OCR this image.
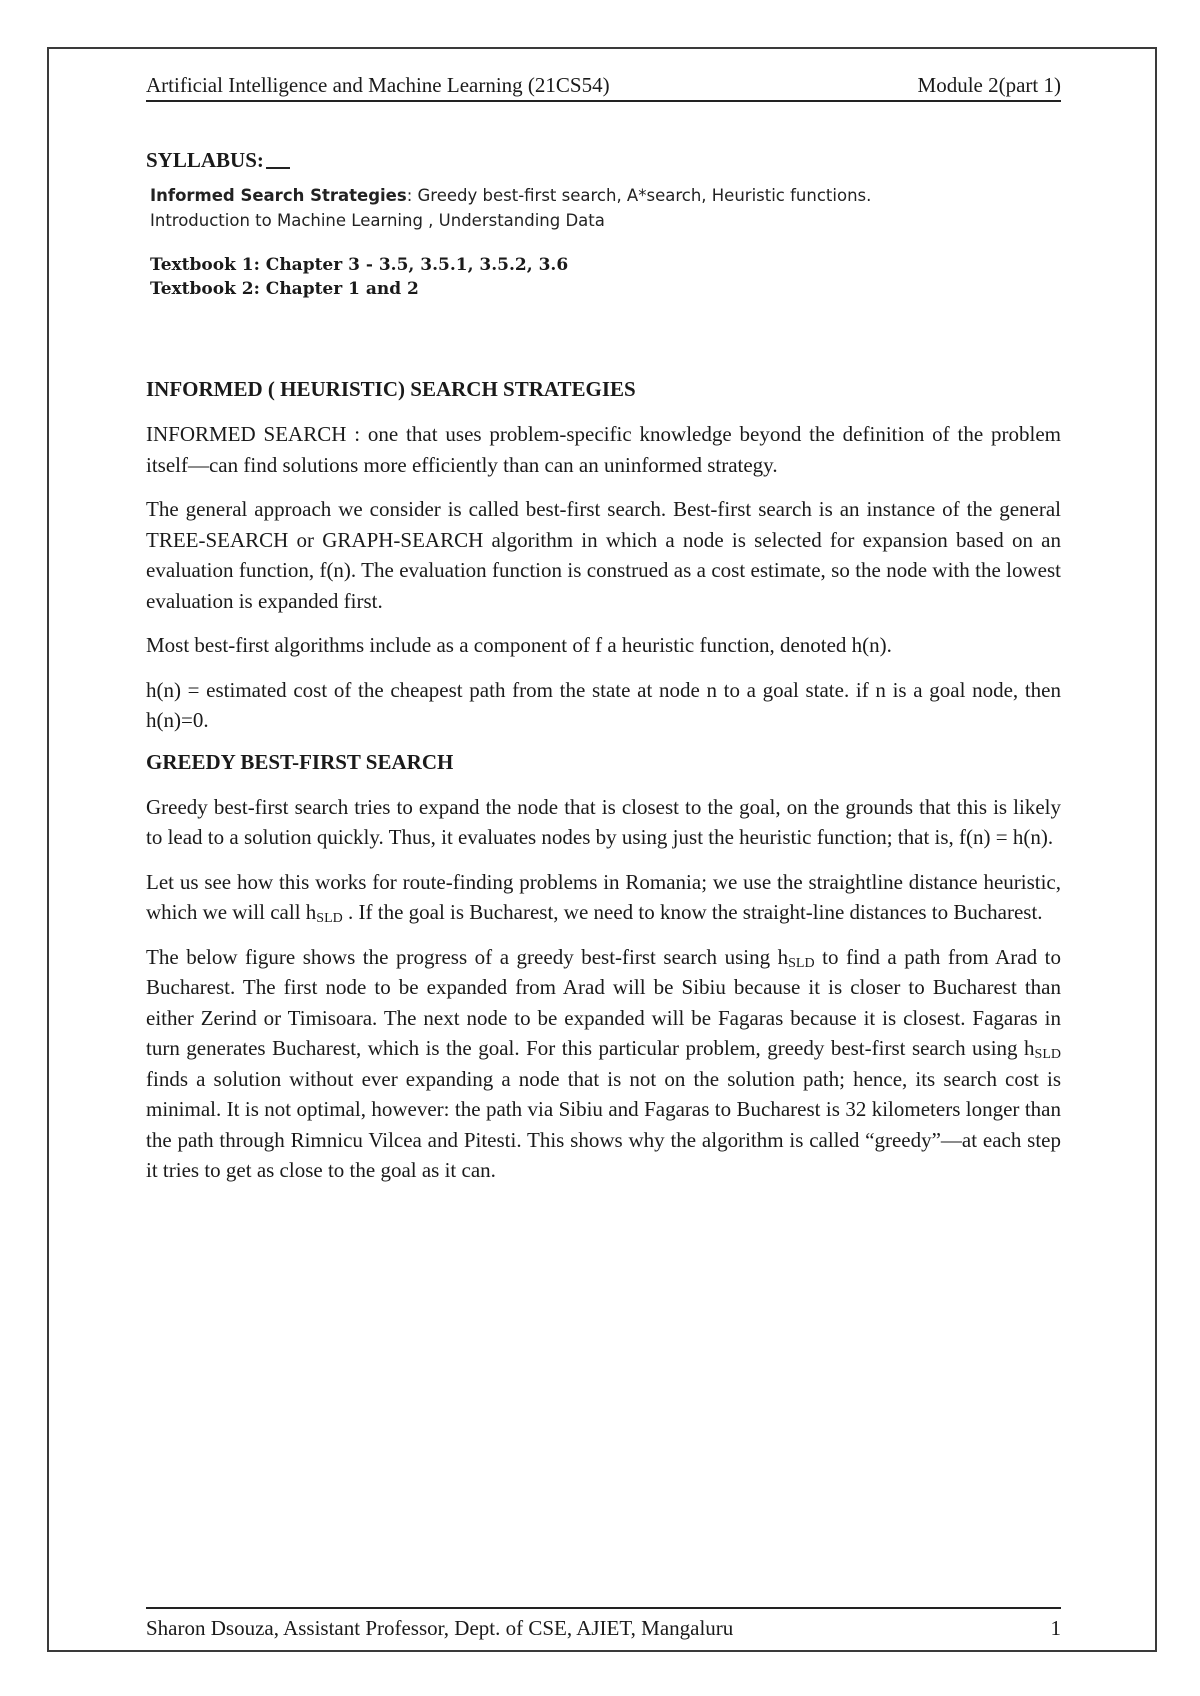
Artificial Intelligence and Machine Learning (21CS54)	Module 2(part 1)
SYLLABUS:
Informed Search Strategies: Greedy best-first search, A*search, Heuristic functions.
Introduction to Machine Learning , Understanding Data
Textbook 1: Chapter 3 - 3.5, 3.5.1, 3.5.2, 3.6
Textbook 2: Chapter 1 and 2
INFORMED ( HEURISTIC) SEARCH STRATEGIES

INFORMED SEARCH : one that uses problem-specific knowledge beyond the definition of the problem itself—can find solutions more efficiently than can an uninformed strategy.

The general approach we consider is called best-first search. Best-first search is an instance of the general TREE-SEARCH or GRAPH-SEARCH algorithm in which a node is selected for expansion based on an evaluation function, f(n). The evaluation function is construed as a cost estimate, so the node with the lowest evaluation is expanded first.

Most best-first algorithms include as a component of f a heuristic function, denoted h(n).

h(n) = estimated cost of the cheapest path from the state at node n to a goal state. if n is a goal node, then h(n)=0.

GREEDY BEST-FIRST SEARCH

Greedy best-first search tries to expand the node that is closest to the goal, on the grounds that this is likely to lead to a solution quickly. Thus, it evaluates nodes by using just the heuristic function; that is, f(n) = h(n).

Let us see how this works for route-finding problems in Romania; we use the straightline distance heuristic, which we will call $h_{SLD}$ . If the goal is Bucharest, we need to know the straight-line distances to Bucharest.

The below figure shows the progress of a greedy best-first search using $h_{SLD}$ to find a path from Arad to Bucharest. The first node to be expanded from Arad will be Sibiu because it is closer to Bucharest than either Zerind or Timisoara. The next node to be expanded will be Fagaras because it is closest. Fagaras in turn generates Bucharest, which is the goal. For this particular problem, greedy best-first search using $h_{SLD}$ finds a solution without ever expanding a node that is not on the solution path; hence, its search cost is minimal. It is not optimal, however: the path via Sibiu and Fagaras to Bucharest is 32 kilometers longer than the path through Rimnicu Vilcea and Pitesti. This shows why the algorithm is called “greedy”—at each step it tries to get as close to the goal as it can.

Sharon Dsouza, Assistant Professor, Dept. of CSE, AJIET, Mangaluru	1
